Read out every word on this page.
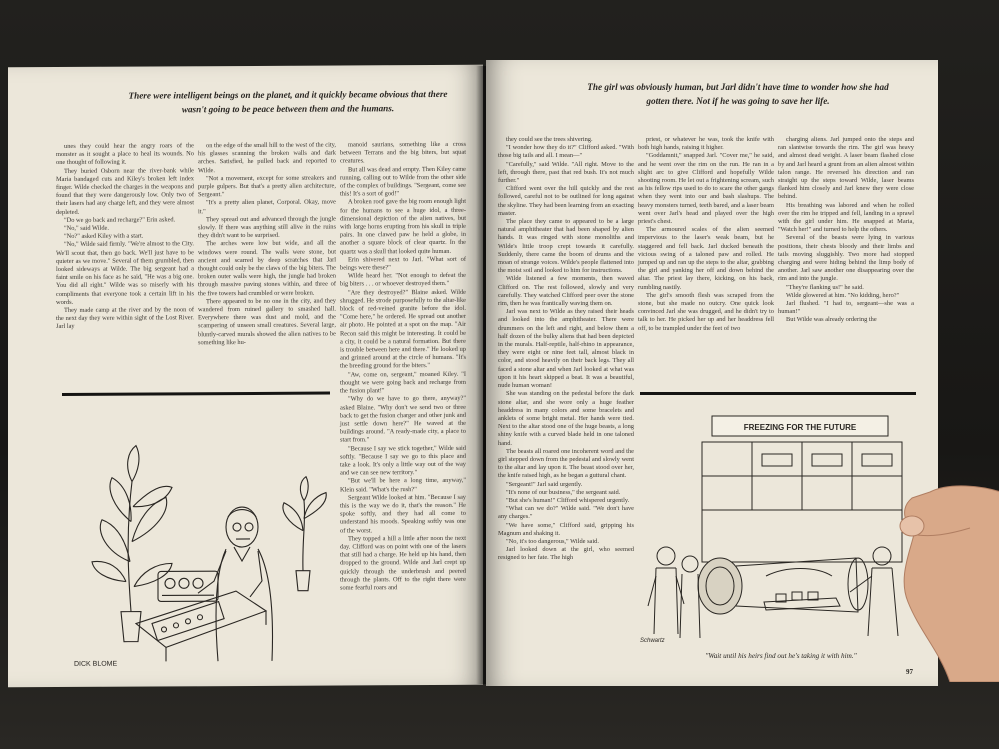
There were intelligent beings on the planet, and it quickly became obvious that there wasn't going to be peace between them and the humans.

unes they could hear the angry roars of the monster as it sought a place to heal its wounds. No one thought of following it.

They buried Osborn near the river-bank while Maria bandaged cuts and Kiley's broken left index finger. Wilde checked the charges in the weapons and found that they were dangerously low. Only two of their lasers had any charge left, and they were almost depleted.

"Do we go back and recharge?" Erin asked.

"No," said Wilde.

"No?" asked Kiley with a start.

"No," Wilde said firmly. "We're almost to the City. We'll scout that, then go back. We'll just have to be quieter as we move." Several of them grumbled, then looked sideways at Wilde. The big sergeant had a faint smile on his face as he said, "He was a big one. You did all right." Wilde was so miserly with his compliments that everyone took a certain lift in his words.

They made camp at the river and by the noon of the next day they were within sight of the Lost River. Jarl lay

on the edge of the small hill to the west of the city, his glasses scanning the broken walls and dark arches. Satisfied, he pulled back and reported to Wilde.

"Not a movement, except for some streakers and purple gulpers. But that's a pretty alien architecture, Sergeant."

"It's a pretty alien planet, Corporal. Okay, move it."

They spread out and advanced through the jungle slowly. If there was anything still alive in the ruins they didn't want to be surprised.

The arches were low but wide, and all the windows were round. The walls were stone, but ancient and scarred by deep scratches that Jarl thought could only be the claws of the big biters. The broken outer walls were high, the jungle had broken through massive paving stones within, and three of the five towers had crumbled or were broken.

There appeared to be no one in the city, and they wandered from ruined gallery to smashed hall. Everywhere there was dust and mold, and the scampering of unseen small creatures. Several large, bluntly-carved murals showed the alien natives to be something like hu-

manoid saurians, something like a cross between Terrans and the big biters, but squat creatures.

But all was dead and empty. Then Kiley came running, calling out to Wilde from the other side of the complex of buildings. "Sergeant, come see this! It's a sort of god!"

A broken roof gave the big room enough light for the humans to see a huge idol, a three-dimensional depiction of the alien natives, but with large horns erupting from his skull in triple pairs. In one clawed paw he held a globe, in another a square block of clear quartz. In the quartz was a skull that looked quite human.

Erin shivered next to Jarl. "What sort of beings were these?"

Wilde heard her. "Not enough to defeat the big biters . . . or whoever destroyed them."

"Are they destroyed?" Blaine asked. Wilde shrugged. He strode purposefully to the altar-like block of red-veined granite before the idol. "Come here," he ordered. He spread out another air photo. He pointed at a spot on the map. "Air Recon said this might be interesting. It could be a city, it could be a natural formation. But there is trouble between here and there." He looked up and grinned around at the circle of humans. "It's the breeding ground for the biters."

"Aw, come on, sergeant," moaned Kiley. "I thought we were going back and recharge from the fusion plant!"

"Why do we have to go there, anyway?" asked Blaine. "Why don't we send two or three back to get the fusion charger and other junk and just settle down here?" He waved at the buildings around. "A ready-made city, a place to start from."

"Because I say we stick together," Wilde said softly. "Because I say we go to this place and take a look. It's only a little way out of the way and we can see new territory."

"But we'll be here a long time, anyway," Klein said. "What's the rush?"

Sergeant Wilde looked at him. "Because I say this is the way we do it, that's the reason." He spoke softly, and they had all come to understand his moods. Speaking softly was one of the worst.

They topped a hill a little after noon the next day. Clifford was on point with one of the lasers that still had a charge. He held up his hand, then dropped to the ground. Wilde and Jarl crept up quickly through the underbrush and peered through the plants. Off to the right there were some fearful roars and

DICK BLOME
The girl was obviously human, but Jarl didn't have time to wonder how she had gotten there. Not if he was going to save her life.

they could see the trees shivering.

"I wonder how they do it?" Clifford asked. "With those big tails and all. I mean—"

"Carefully," said Wilde. "All right. Move to the left, through there, past that red bush. It's not much further."

Clifford went over the hill quickly and the rest followed, careful not to be outlined for long against the skyline. They had been learning from an exacting master.

The place they came to appeared to be a large natural amphitheater that had been shaped by alien hands. It was ringed with stone monoliths and Wilde's little troop crept towards it carefully. Suddenly, there came the boom of drums and the moan of strange voices. Wilde's people flattened into the moist soil and looked to him for instructions.

Wilde listened a few moments, then waved Clifford on. The rest followed, slowly and very carefully. They watched Clifford peer over the stone rim, then he was frantically waving them on.

Jarl was next to Wilde as they raised their heads and looked into the amphitheater. There were drummers on the left and right, and below them a half dozen of the bulky aliens that had been depicted in the murals. Half-reptile, half-rhino in appearance, they were eight or nine feet tall, almost black in color, and stood heavily on their back legs. They all faced a stone altar and when Jarl looked at what was upon it his heart skipped a beat. It was a beautiful, nude human woman!

She was standing on the pedestal before the dark stone altar, and she wore only a huge feather headdress in many colors and some bracelets and anklets of some bright metal. Her hands were tied. Next to the altar stood one of the huge beasts, a long shiny knife with a curved blade held in one taloned hand.

The beasts all roared one incoherent word and the girl stepped down from the pedestal and slowly went to the altar and lay upon it. The beast stood over her, the knife raised high, as he began a guttural chant.

"Sergeant!" Jarl said urgently.

"It's none of our business," the sergeant said.

"But she's human!" Clifford whispered urgently.

"What can we do?" Wilde said. "We don't have any charges."

"We have some," Clifford said, gripping his Magnum and shaking it.

"No, it's too dangerous," Wilde said.

Jarl looked down at the girl, who seemed resigned to her fate. The high

priest, or whatever he was, took the knife with both high hands, raising it higher.

"Goddamnit," snapped Jarl. "Cover me," he said, and he went over the rim on the run. He ran in a slight arc to give Clifford and hopefully Wilde shooting room. He let out a frightening scream, such as his fellow rips used to do to scare the other gangs when they went into our and bash slashups. The heavy monsters turned, teeth bared, and a laser beam went over Jarl's head and played over the high priest's chest.

The armoured scales of the alien seemed impervious to the laser's weak beam, but he staggered and fell back. Jarl ducked beneath the vicious swing of a taloned paw and rolled. He jumped up and ran up the steps to the altar, grabbing the girl and yanking her off and down behind the altar. The priest lay there, kicking, on his back, rumbling nastily.

The girl's smooth flesh was scraped from the stone, but she made no outcry. One quick look convinced Jarl she was drugged, and he didn't try to talk to her. He picked her up and her headdress fell off, to be trampled under the feet of two

charging aliens. Jarl jumped onto the steps and ran slantwise towards the rim. The girl was heavy and almost dead weight. A laser beam flashed close by and Jarl heard a grunt from an alien almost within talon range. He reversed his direction and ran straight up the steps toward Wilde, laser beams flanked him closely and Jarl knew they were close behind.

His breathing was labored and when he rolled over the rim he tripped and fell, landing in a sprawl with the girl under him. He snapped at Maria, "Watch her!" and turned to help the others.

Several of the beasts were lying in various positions, their chests bloody and their limbs and tails moving sluggishly. Two more had stopped charging and were hiding behind the limp body of another. Jarl saw another one disappearing over the rim and into the jungle.

"They're flanking us!" he said.

Wilde glowered at him. "No kidding, hero?"

Jarl flushed. "I had to, sergeant—she was a human!"

But Wilde was already ordering the

FREEZING FOR THE FUTURE
Schwartz
"Wait until his heirs find out he's taking it with him."
97
